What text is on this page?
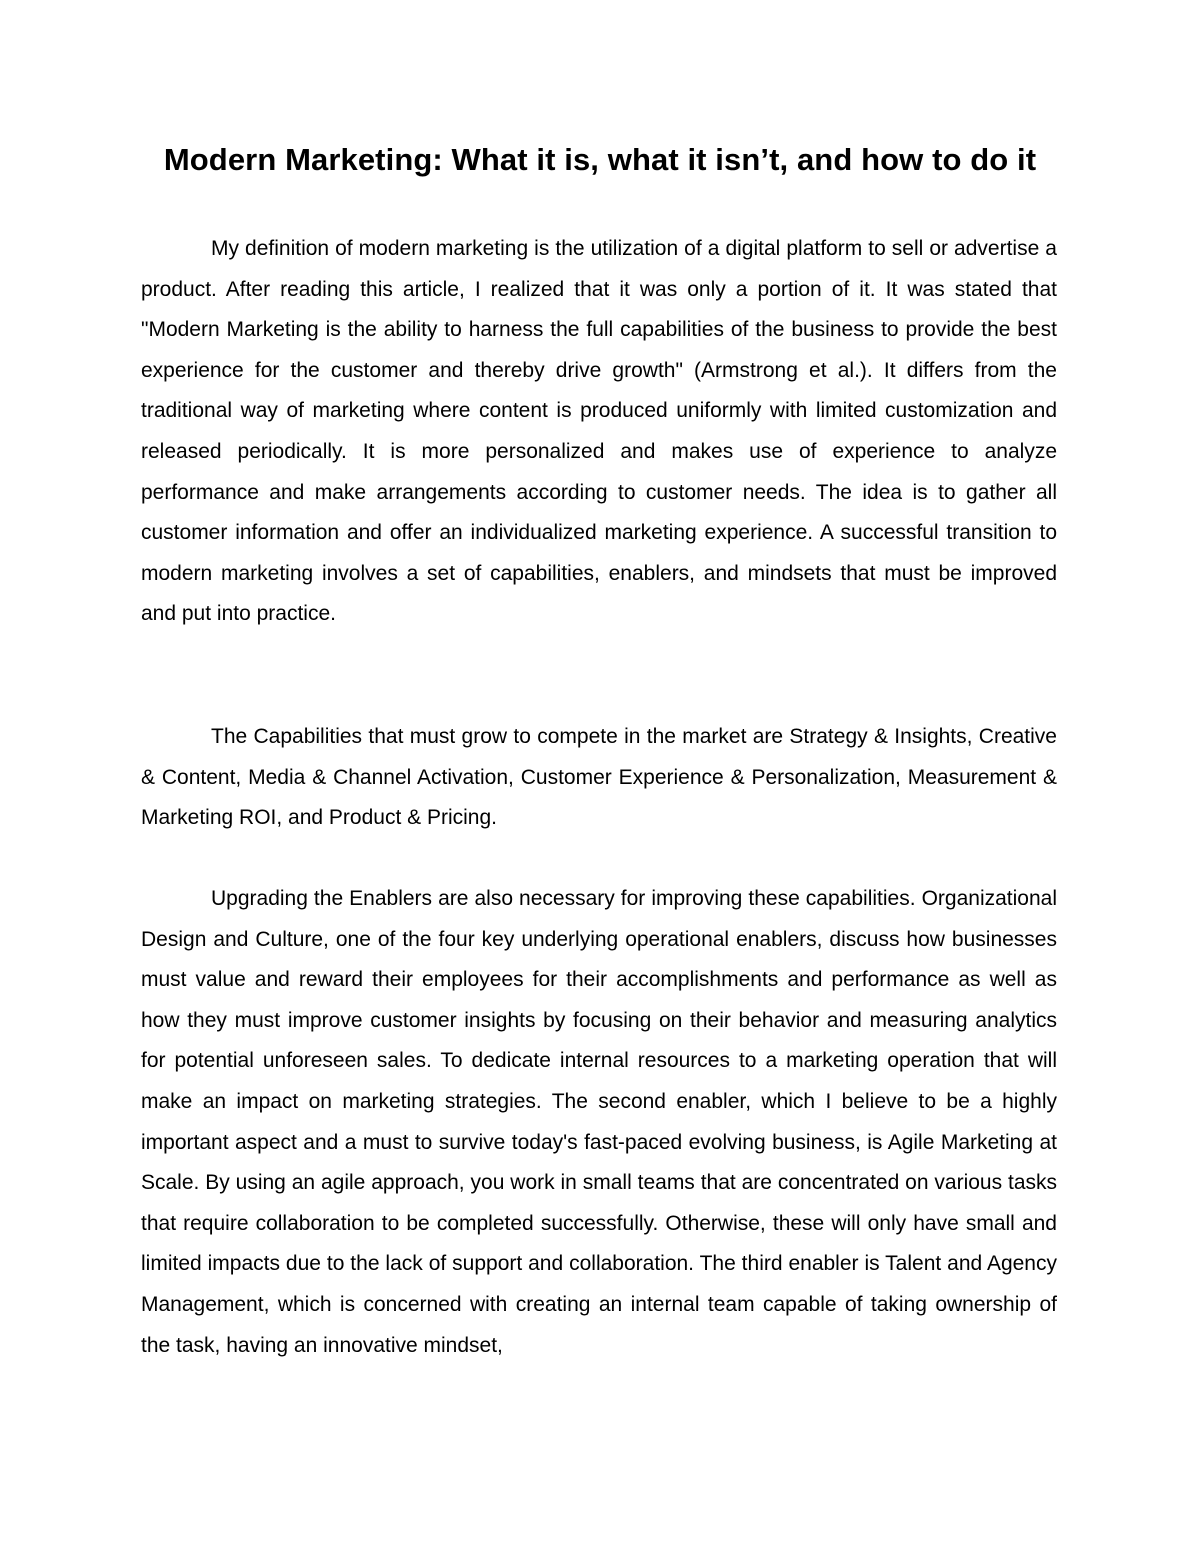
Modern Marketing: What it is, what it isn’t, and how to do it

My definition of modern marketing is the utilization of a digital platform to sell or advertise a product. After reading this article, I realized that it was only a portion of it. It was stated that "Modern Marketing is the ability to harness the full capabilities of the business to provide the best experience for the customer and thereby drive growth" (Armstrong et al.). It differs from the traditional way of marketing where content is produced uniformly with limited customization and released periodically. It is more personalized and makes use of experience to analyze performance and make arrangements according to customer needs. The idea is to gather all customer information and offer an individualized marketing experience. A successful transition to modern marketing involves a set of capabilities, enablers, and mindsets that must be improved and put into practice.

The Capabilities that must grow to compete in the market are Strategy & Insights, Creative & Content, Media & Channel Activation, Customer Experience & Personalization, Measurement & Marketing ROI, and Product & Pricing.

Upgrading the Enablers are also necessary for improving these capabilities. Organizational Design and Culture, one of the four key underlying operational enablers, discuss how businesses must value and reward their employees for their accomplishments and performance as well as how they must improve customer insights by focusing on their behavior and measuring analytics for potential unforeseen sales. To dedicate internal resources to a marketing operation that will make an impact on marketing strategies. The second enabler, which I believe to be a highly important aspect and a must to survive today's fast-paced evolving business, is Agile Marketing at Scale. By using an agile approach, you work in small teams that are concentrated on various tasks that require collaboration to be completed successfully. Otherwise, these will only have small and limited impacts due to the lack of support and collaboration. The third enabler is Talent and Agency Management, which is concerned with creating an internal team capable of taking ownership of the task, having an innovative mindset,
